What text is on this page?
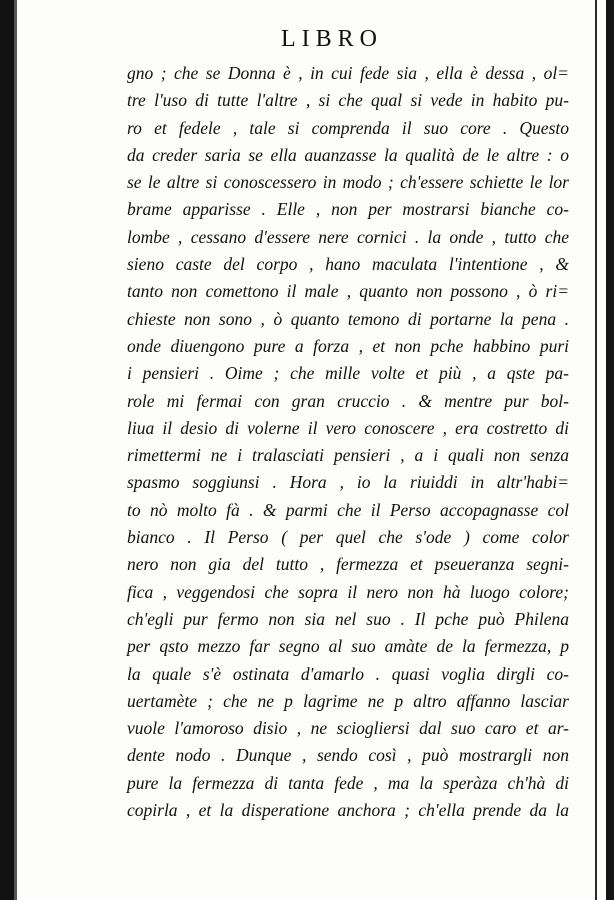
LIBRO
gno ; che se Donna è , in cui fede sia , ella è dessa , ol=
tre l'uso di tutte l'altre , si che qual si vede in habito pu-
ro et fedele , tale si comprenda il suo core . Questo
da creder saria se ella auanzasse la qualità de le altre : o
se le altre si conoscessero in modo ; ch'essere schiette le lor
brame apparisse . Elle , non per mostrarsi bianche co-
lombe , cessano d'essere nere cornici . la onde , tutto che
sieno caste del corpo , hano maculata l'intentione , &
tanto non comettono il male , quanto non possono , ò ri=
chieste non sono , ò quanto temono di portarne la pena .
onde diuengono pure a forza , et non pche habbino puri
i pensieri . Oime ; che mille volte et più , a qste pa-
role mi fermai con gran cruccio . & mentre pur bol-
liua il desio di volerne il vero conoscere , era costretto di
rimettermi ne i tralasciati pensieri , a i quali non senza
spasmo soggiunsi . Hora , io la riuiddi in altr'habi=
to nò molto fà . & parmi che il Perso accopagnasse col
bianco . Il Perso ( per quel che s'ode ) come color
nero non gia del tutto , fermezza et pseueranza segni-
fica , veggendosi che sopra il nero non hà luogo colore;
ch'egli pur fermo non sia nel suo . Il pche può Philena
per qsto mezzo far segno al suo amàte de la fermezza, p
la quale s'è ostinata d'amarlo . quasi voglia dirgli co-
uertamète ; che ne p lagrime ne p altro affanno lasciar
vuole l'amoroso disio , ne sciogliersi dal suo caro et ar-
dente nodo . Dunque , sendo così , può mostrargli non
pure la fermezza di tanta fede , ma la speràza ch'hà di
copirla , et la disperatione anchora ; ch'ella prende da la
